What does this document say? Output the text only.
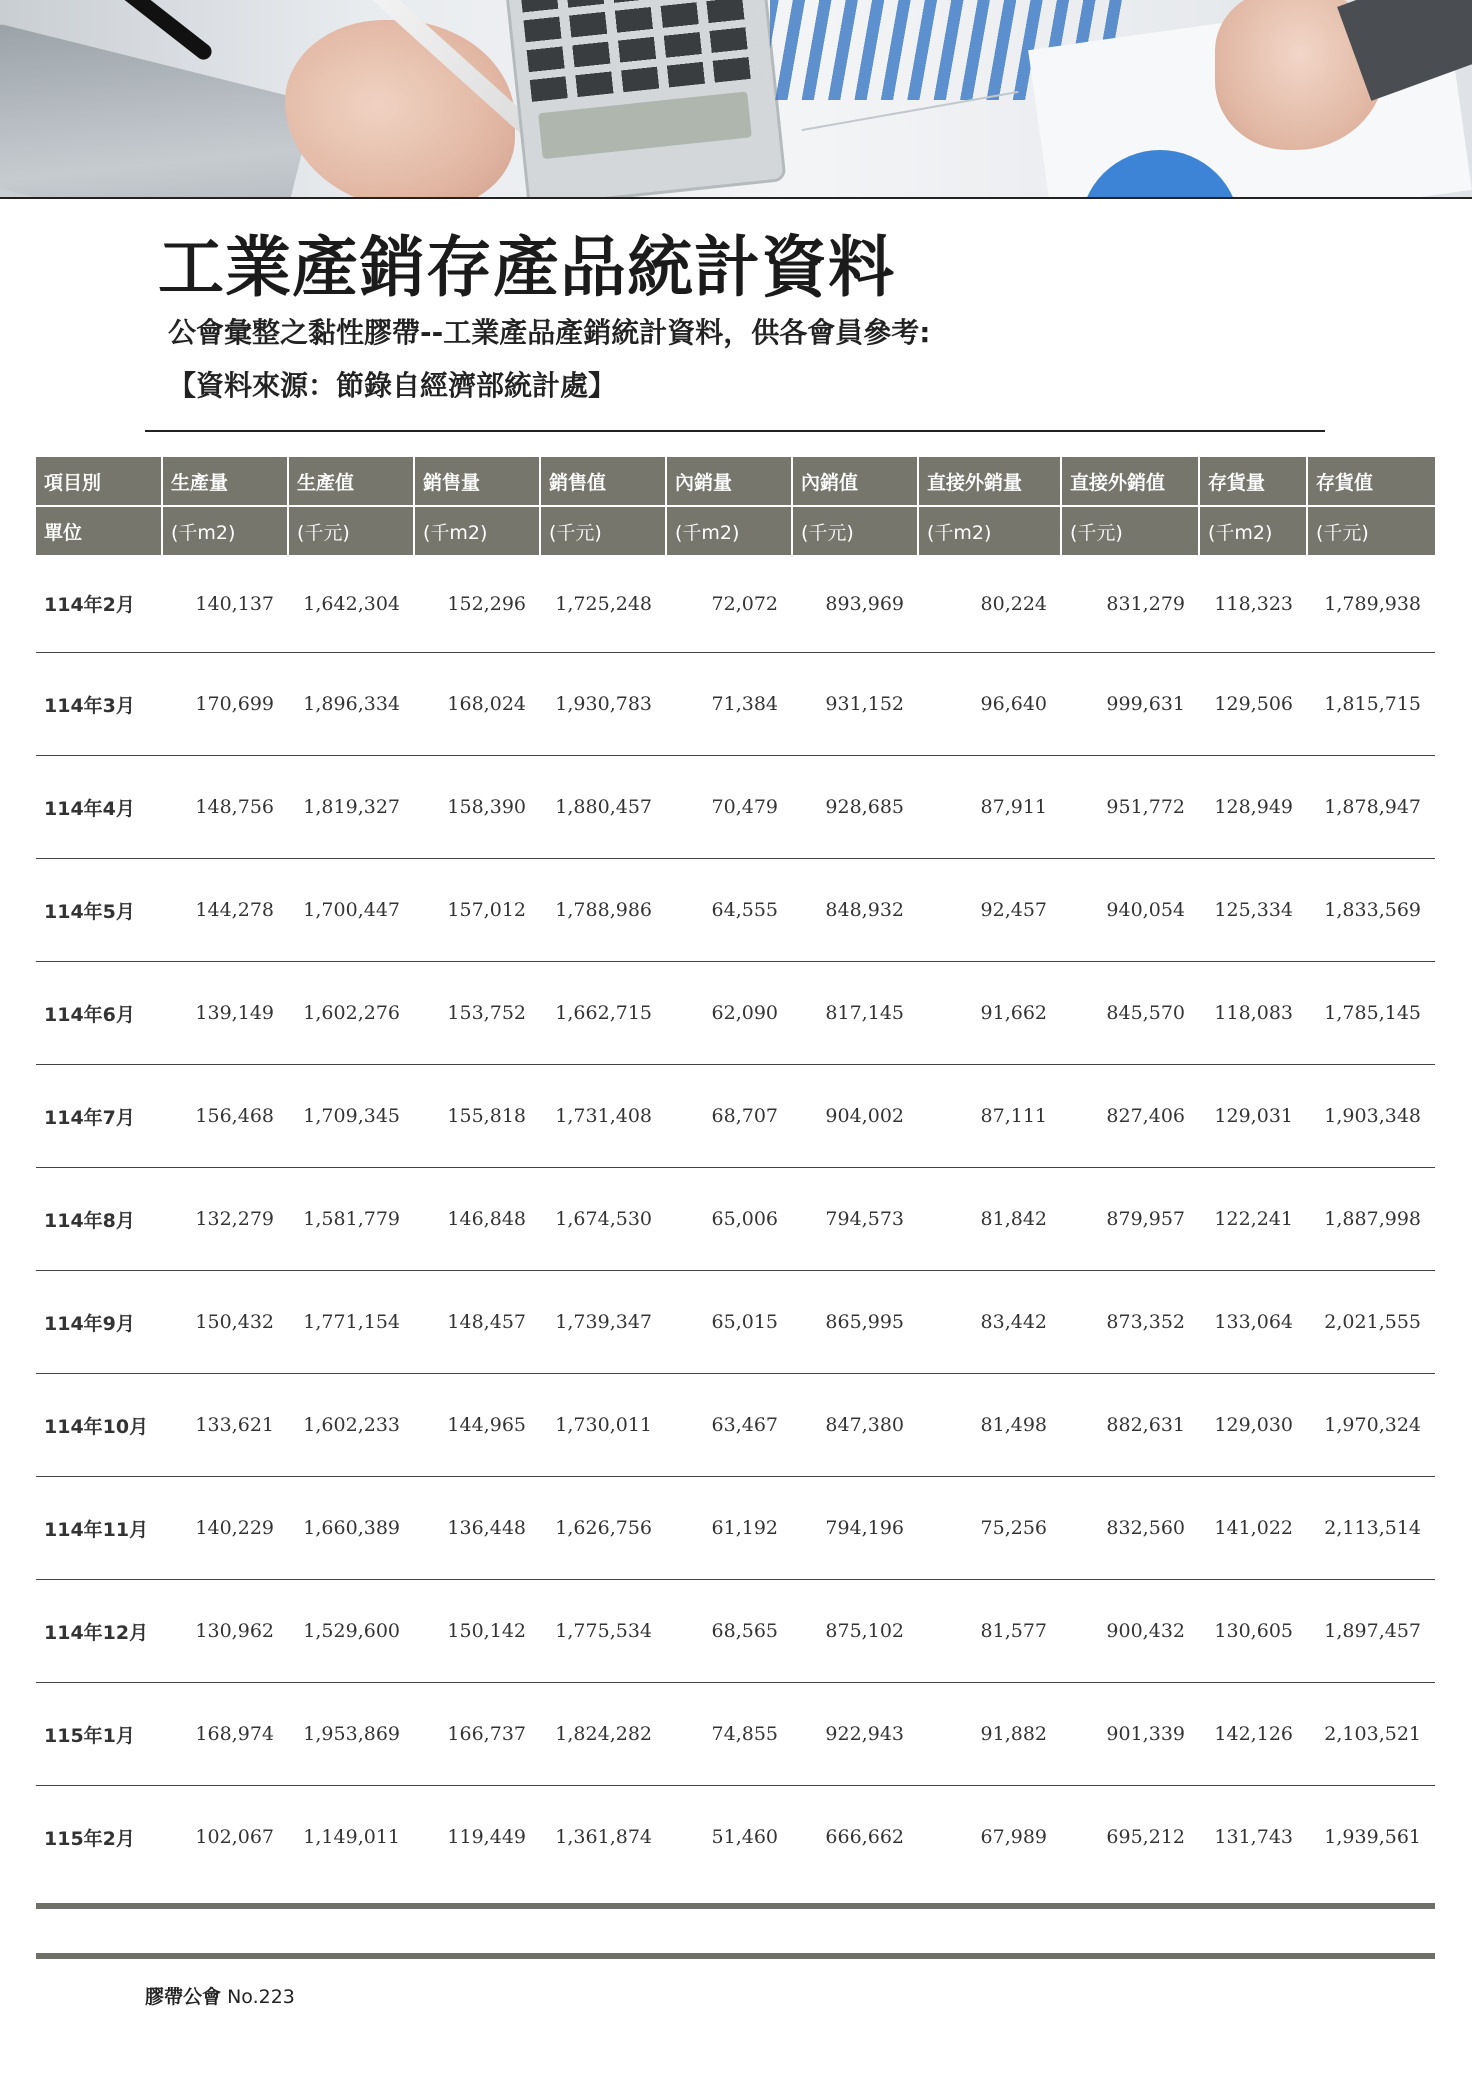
工業產銷存產品統計資料

公會彙整之黏性膠帶--工業產品產銷統計資料，供各會員參考:

【資料來源：節錄自經濟部統計處】

項目別	生產量	生產值	銷售量	銷售值	內銷量	內銷值	直接外銷量	直接外銷值	存貨量	存貨值
單位	(千m2)	(千元)	(千m2)	(千元)	(千m2)	(千元)	(千m2)	(千元)	(千m2)	(千元)
114年2月	140,137	1,642,304	152,296	1,725,248	72,072	893,969	80,224	831,279	118,323	1,789,938
114年3月	170,699	1,896,334	168,024	1,930,783	71,384	931,152	96,640	999,631	129,506	1,815,715
114年4月	148,756	1,819,327	158,390	1,880,457	70,479	928,685	87,911	951,772	128,949	1,878,947
114年5月	144,278	1,700,447	157,012	1,788,986	64,555	848,932	92,457	940,054	125,334	1,833,569
114年6月	139,149	1,602,276	153,752	1,662,715	62,090	817,145	91,662	845,570	118,083	1,785,145
114年7月	156,468	1,709,345	155,818	1,731,408	68,707	904,002	87,111	827,406	129,031	1,903,348
114年8月	132,279	1,581,779	146,848	1,674,530	65,006	794,573	81,842	879,957	122,241	1,887,998
114年9月	150,432	1,771,154	148,457	1,739,347	65,015	865,995	83,442	873,352	133,064	2,021,555
114年10月	133,621	1,602,233	144,965	1,730,011	63,467	847,380	81,498	882,631	129,030	1,970,324
114年11月	140,229	1,660,389	136,448	1,626,756	61,192	794,196	75,256	832,560	141,022	2,113,514
114年12月	130,962	1,529,600	150,142	1,775,534	68,565	875,102	81,577	900,432	130,605	1,897,457
115年1月	168,974	1,953,869	166,737	1,824,282	74,855	922,943	91,882	901,339	142,126	2,103,521
115年2月	102,067	1,149,011	119,449	1,361,874	51,460	666,662	67,989	695,212	131,743	1,939,561
膠帶公會 No.223
